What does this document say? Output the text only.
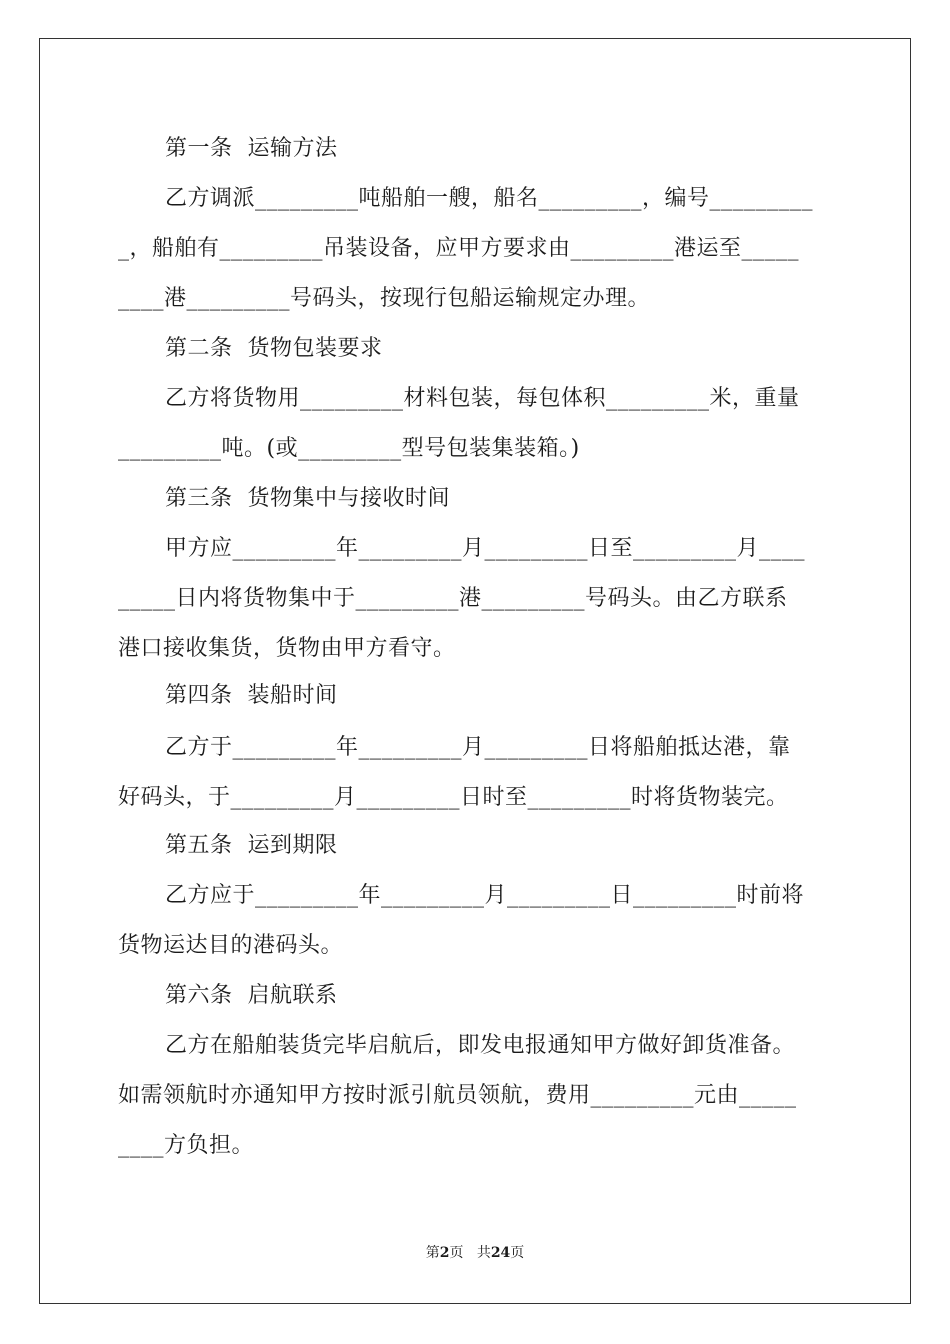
第一条  运输方法
乙方调派_________吨船舶一艘，船名_________，编号_________
_，船舶有_________吊装设备，应甲方要求由_________港运至_____
____港_________号码头，按现行包船运输规定办理。
第二条  货物包装要求
乙方将货物用_________材料包装，每包体积_________米，重量
_________吨。(或_________型号包装集装箱。)
第三条  货物集中与接收时间
甲方应_________年_________月_________日至_________月____
_____日内将货物集中于_________港_________号码头。由乙方联系
港口接收集货，货物由甲方看守。
第四条  装船时间
乙方于_________年_________月_________日将船舶抵达港，靠
好码头，于_________月_________日时至_________时将货物装完。
第五条  运到期限
乙方应于_________年_________月_________日_________时前将
货物运达目的港码头。
第六条  启航联系
乙方在船舶装货完毕启航后，即发电报通知甲方做好卸货准备。
如需领航时亦通知甲方按时派引航员领航，费用_________元由_____
____方负担。
第2页 共24页
